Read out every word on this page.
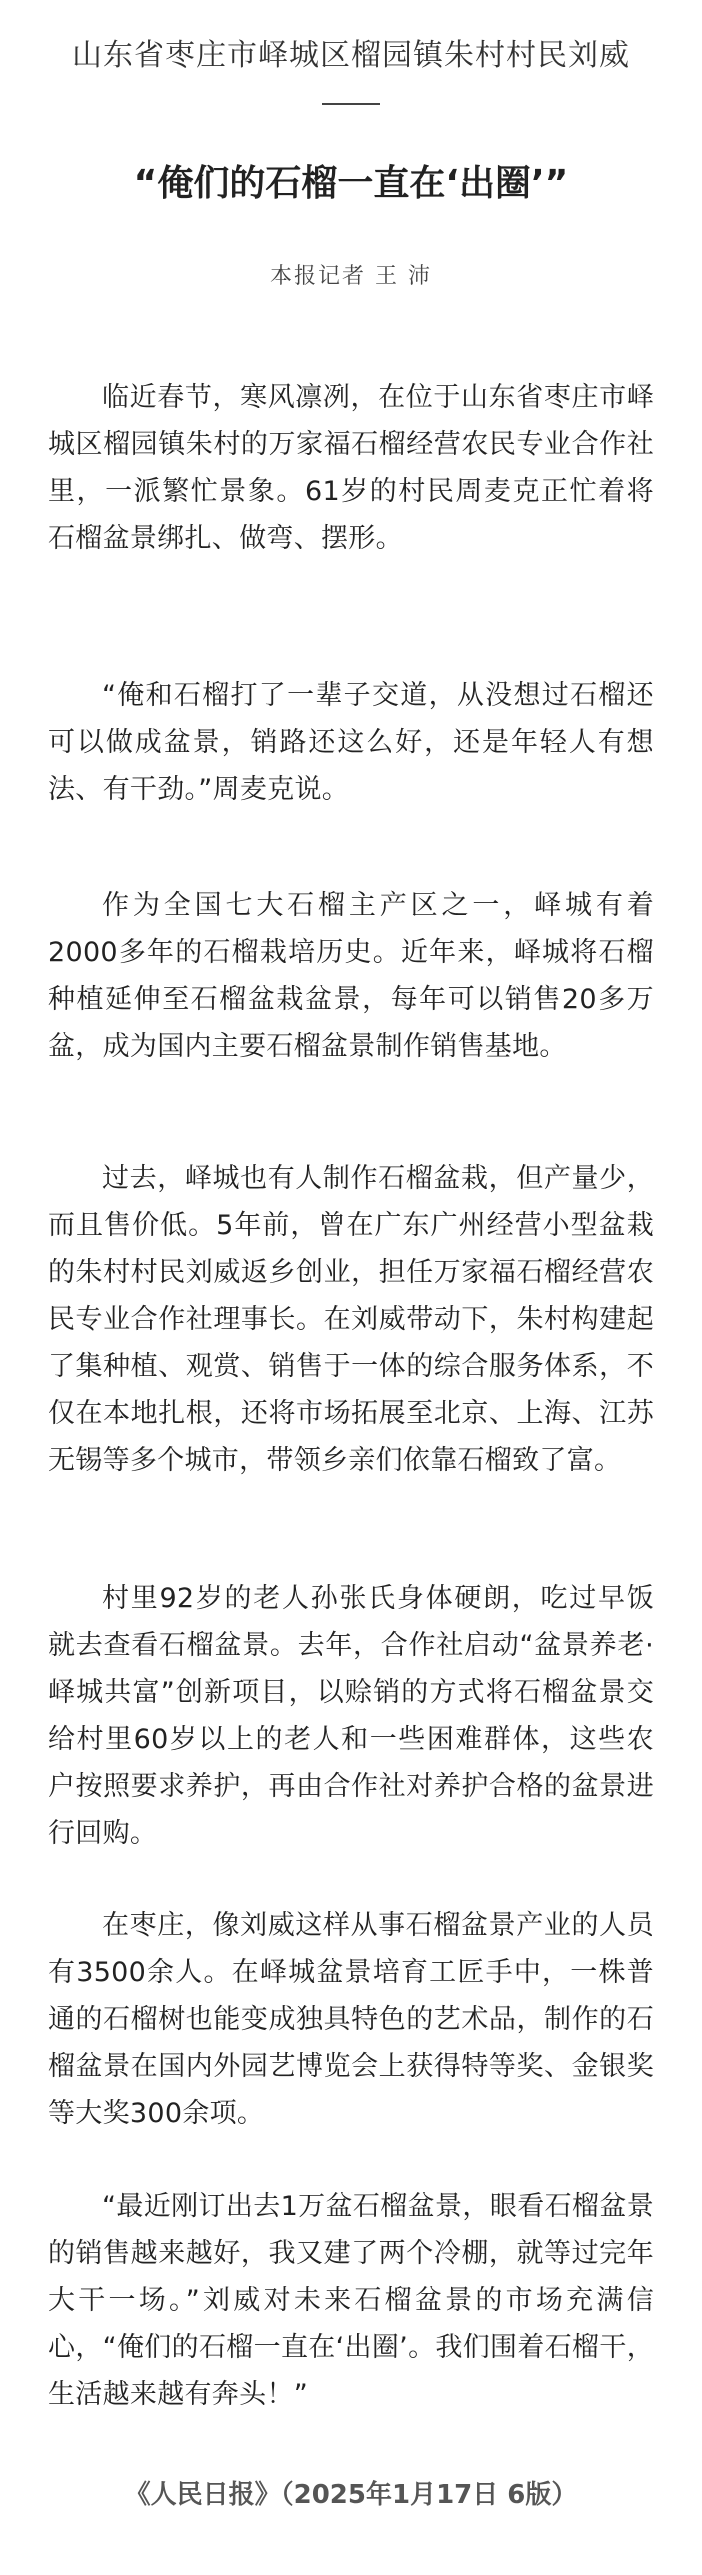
山东省枣庄市峄城区榴园镇朱村村民刘威
“俺们的石榴一直在‘出圈’”
本报记者 王 沛

临近春节，寒风凛冽，在位于山东省枣庄市峄城区榴园镇朱村的万家福石榴经营农民专业合作社里，一派繁忙景象。61岁的村民周麦克正忙着将石榴盆景绑扎、做弯、摆形。

“俺和石榴打了一辈子交道，从没想过石榴还可以做成盆景，销路还这么好，还是年轻人有想法、有干劲。”周麦克说。

作为全国七大石榴主产区之一，峄城有着2000多年的石榴栽培历史。近年来，峄城将石榴种植延伸至石榴盆栽盆景，每年可以销售20多万盆，成为国内主要石榴盆景制作销售基地。

过去，峄城也有人制作石榴盆栽，但产量少，而且售价低。5年前，曾在广东广州经营小型盆栽的朱村村民刘威返乡创业，担任万家福石榴经营农民专业合作社理事长。在刘威带动下，朱村构建起了集种植、观赏、销售于一体的综合服务体系，不仅在本地扎根，还将市场拓展至北京、上海、江苏无锡等多个城市，带领乡亲们依靠石榴致了富。

村里92岁的老人孙张氏身体硬朗，吃过早饭就去查看石榴盆景。去年，合作社启动“盆景养老·峄城共富”创新项目，以赊销的方式将石榴盆景交给村里60岁以上的老人和一些困难群体，这些农户按照要求养护，再由合作社对养护合格的盆景进行回购。

在枣庄，像刘威这样从事石榴盆景产业的人员有3500余人。在峄城盆景培育工匠手中，一株普通的石榴树也能变成独具特色的艺术品，制作的石榴盆景在国内外园艺博览会上获得特等奖、金银奖等大奖300余项。

“最近刚订出去1万盆石榴盆景，眼看石榴盆景的销售越来越好，我又建了两个冷棚，就等过完年大干一场。”刘威对未来石榴盆景的市场充满信心，“俺们的石榴一直在‘出圈’。我们围着石榴干，生活越来越有奔头！”

《人民日报》（2025年1月17日 6版）
